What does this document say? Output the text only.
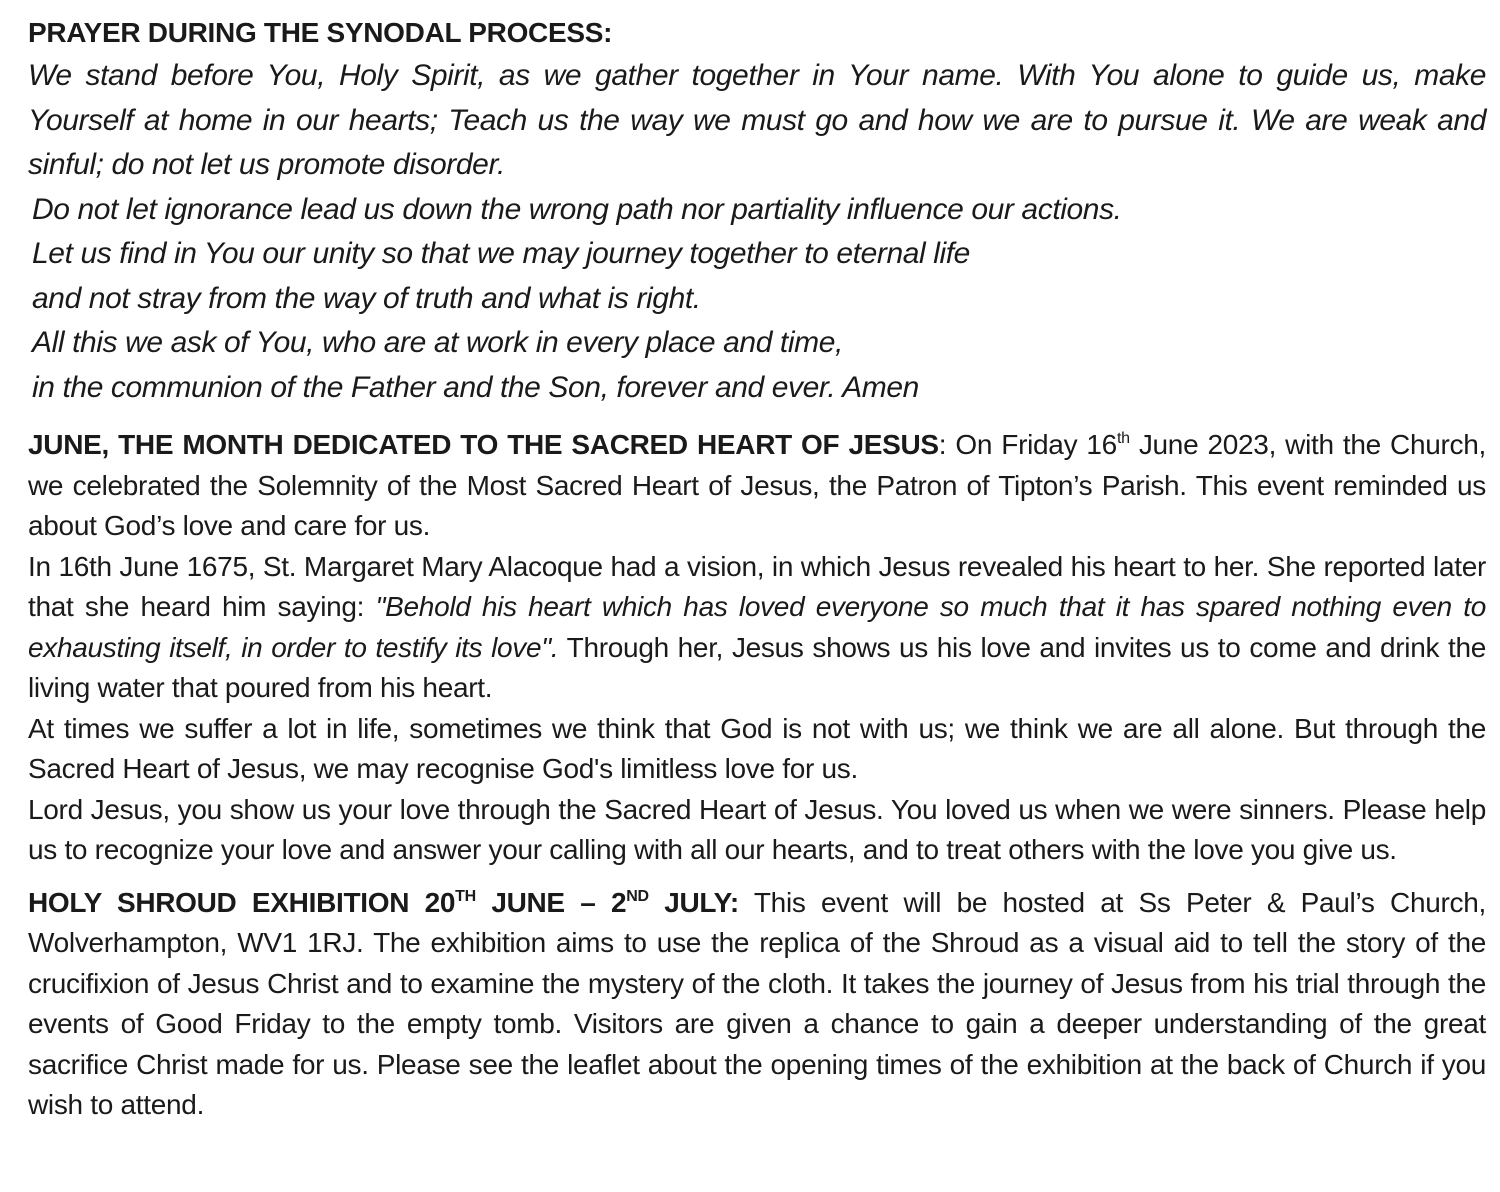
PRAYER DURING THE SYNODAL PROCESS:

We stand before You, Holy Spirit, as we gather together in Your name. With You alone to guide us, make Yourself at home in our hearts; Teach us the way we must go and how we are to pursue it. We are weak and sinful; do not let us promote disorder.

Do not let ignorance lead us down the wrong path nor partiality influence our actions.

Let us find in You our unity so that we may journey together to eternal life

and not stray from the way of truth and what is right.

All this we ask of You, who are at work in every place and time,

in the communion of the Father and the Son, forever and ever. Amen

JUNE, THE MONTH DEDICATED TO THE SACRED HEART OF JESUS: On Friday 16th June 2023, with the Church, we celebrated the Solemnity of the Most Sacred Heart of Jesus, the Patron of Tipton’s Parish. This event reminded us about God’s love and care for us.

In 16th June 1675, St. Margaret Mary Alacoque had a vision, in which Jesus revealed his heart to her. She reported later that she heard him saying: "Behold his heart which has loved everyone so much that it has spared nothing even to exhausting itself, in order to testify its love". Through her, Jesus shows us his love and invites us to come and drink the living water that poured from his heart.

At times we suffer a lot in life, sometimes we think that God is not with us; we think we are all alone. But through the Sacred Heart of Jesus, we may recognise God's limitless love for us.

Lord Jesus, you show us your love through the Sacred Heart of Jesus. You loved us when we were sinners. Please help us to recognize your love and answer your calling with all our hearts, and to treat others with the love you give us.

HOLY SHROUD EXHIBITION 20TH JUNE – 2ND JULY: This event will be hosted at Ss Peter & Paul’s Church, Wolverhampton, WV1 1RJ. The exhibition aims to use the replica of the Shroud as a visual aid to tell the story of the crucifixion of Jesus Christ and to examine the mystery of the cloth. It takes the journey of Jesus from his trial through the events of Good Friday to the empty tomb. Visitors are given a chance to gain a deeper understanding of the great sacrifice Christ made for us. Please see the leaflet about the opening times of the exhibition at the back of Church if you wish to attend.
